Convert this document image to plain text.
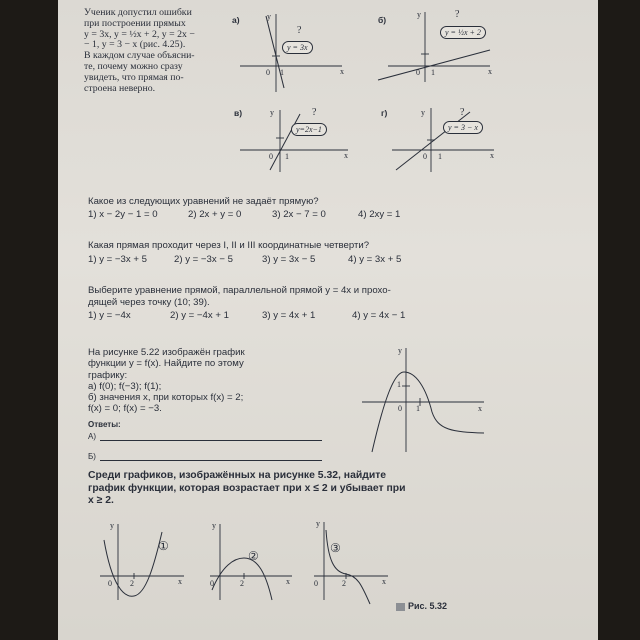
Ученик допустил ошибки
при построении прямых
y = 3x, y = ½x + 2, y = 2x −
− 1, y = 3 − x (рис. 4.25).
В каждом случае объясни-
те, почему можно сразу
увидеть, что прямая по-
строена неверно.
а)
?
y = 3x
y
x
0 1
б)	?
y = ½x + 2
y
x
0 1
в)	?
y=2x−1
y
x
0 1
г)	?
y = 3 − x
y
x
0 1
Какое из следующих уравнений не задаёт прямую?
1) x − 2y − 1 = 0	2) 2x + y = 0	3) 2x − 7 = 0	4) 2xy = 1
Какая прямая проходит через I, II и III координатные четверти?
1) y = −3x + 5	2) y = −3x − 5	3) y = 3x − 5	4) y = 3x + 5
Выберите уравнение прямой, параллельной прямой y = 4x и прохо-
дящей через точку (10; 39).
1) y = −4x	2) y = −4x + 1	3) y = 4x + 1	4) y = 4x − 1
На рисунке 5.22 изображён график
функции y = f(x). Найдите по этому
графику:
a) f(0); f(−3); f(1);
б) значения x, при которых f(x) = 2;
f(x) = 0; f(x) = −3.
Ответы:
А)
Б)
y
x
0 1
1
Среди графиков, изображённых на рисунке 5.32, найдите
график функции, которая возрастает при x ≤ 2 и убывает при
x ≥ 2.
①
y
x
0 2
②
y
x
0	2
③
y
x
0	2
Рис. 5.32
